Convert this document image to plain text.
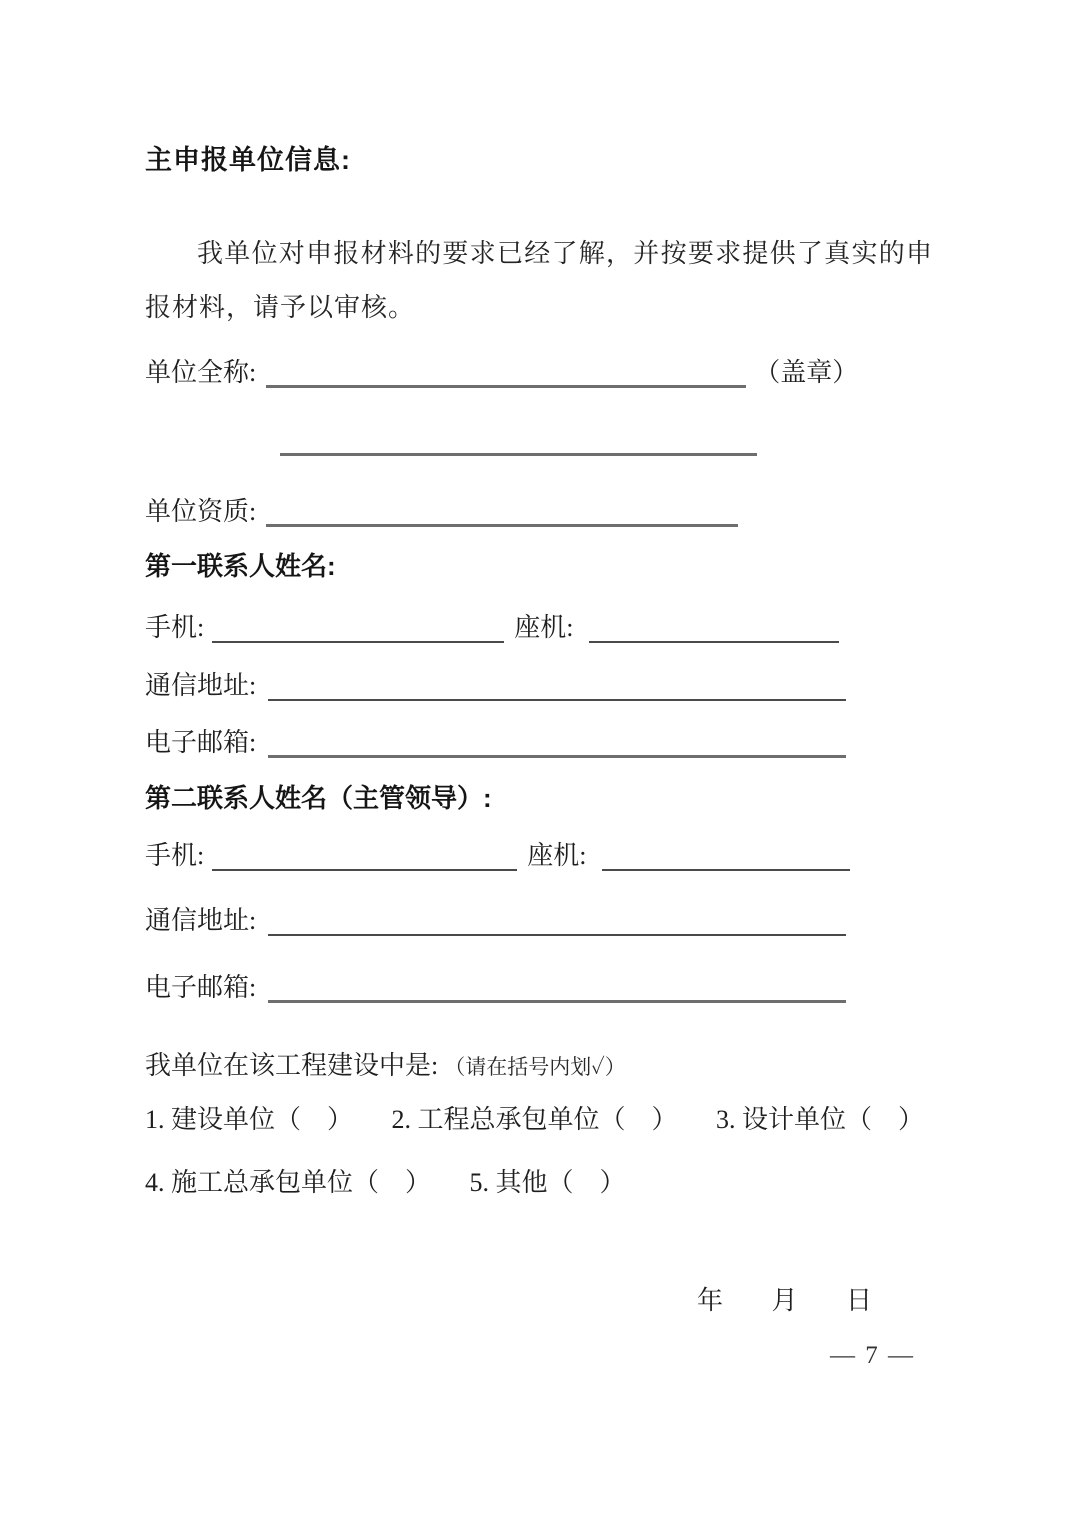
主申报单位信息:
我单位对申报材料的要求已经了解，并按要求提供了真实的申报材料，请予以审核。
单位全称:	（盖章）
单位资质:
第一联系人姓名:
手机:	座机:
通信地址:
电子邮箱:
第二联系人姓名（主管领导）:
手机:	座机:
通信地址:
电子邮箱:
我单位在该工程建设中是: （请在括号内划✓）
1. 建设单位（　） 2. 工程总承包单位（　） 3. 设计单位（　）
4. 施工总承包单位（　） 5. 其他（　）
年 月 日
— 7 —
